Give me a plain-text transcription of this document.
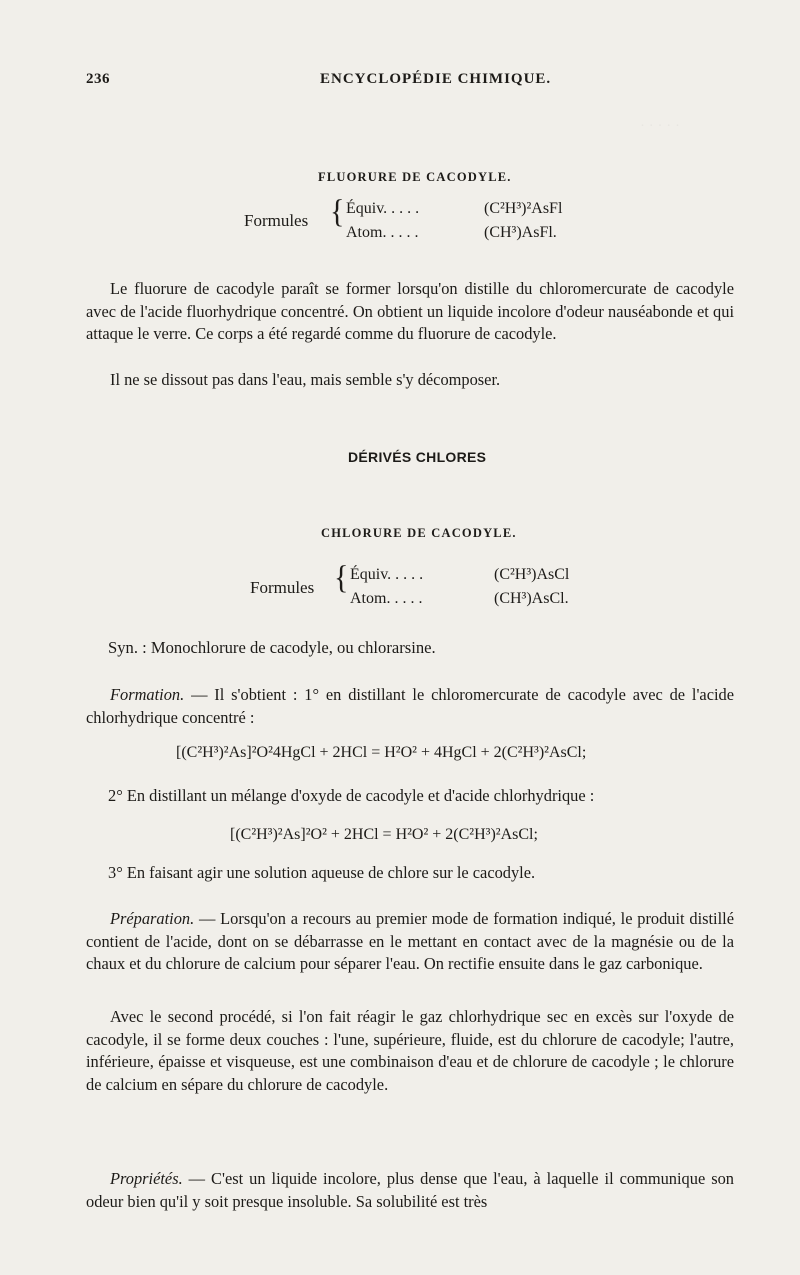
236	ENCYCLOPÉDIE CHIMIQUE.
FLUORURE DE CACODYLE.
Formules { Équiv. . . . .	(C²H³)²AsFl
Atom. . . . .	(CH³)AsFl.

Le fluorure de cacodyle paraît se former lorsqu'on distille du chloromercurate de cacodyle avec de l'acide fluorhydrique concentré. On obtient un liquide incolore d'odeur nauséabonde et qui attaque le verre. Ce corps a été regardé comme du fluorure de cacodyle.

Il ne se dissout pas dans l'eau, mais semble s'y décomposer.

DÉRIVÉS CHLORES
CHLORURE DE CACODYLE.
Formules { Équiv. . . . .	(C²H³)AsCl
Atom. . . . .	(CH³)AsCl.
Syn. : Monochlorure de cacodyle, ou chlorarsine.

Formation. — Il s'obtient : 1° en distillant le chloromercurate de cacodyle avec de l'acide chlorhydrique concentré :

[(C²H³)²As]²O²4HgCl + 2HCl = H²O² + 4HgCl + 2(C²H³)²AsCl;
2° En distillant un mélange d'oxyde de cacodyle et d'acide chlorhydrique :
[(C²H³)²As]²O² + 2HCl = H²O² + 2(C²H³)²AsCl;
3° En faisant agir une solution aqueuse de chlore sur le cacodyle.

Préparation. — Lorsqu'on a recours au premier mode de formation indiqué, le produit distillé contient de l'acide, dont on se débarrasse en le mettant en contact avec de la magnésie ou de la chaux et du chlorure de calcium pour séparer l'eau. On rectifie ensuite dans le gaz carbonique.

Avec le second procédé, si l'on fait réagir le gaz chlorhydrique sec en excès sur l'oxyde de cacodyle, il se forme deux couches : l'une, supérieure, fluide, est du chlorure de cacodyle; l'autre, inférieure, épaisse et visqueuse, est une combinaison d'eau et de chlorure de cacodyle ; le chlorure de calcium en sépare du chlorure de cacodyle.

Propriétés. — C'est un liquide incolore, plus dense que l'eau, à laquelle il communique son odeur bien qu'il y soit presque insoluble. Sa solubilité est très
